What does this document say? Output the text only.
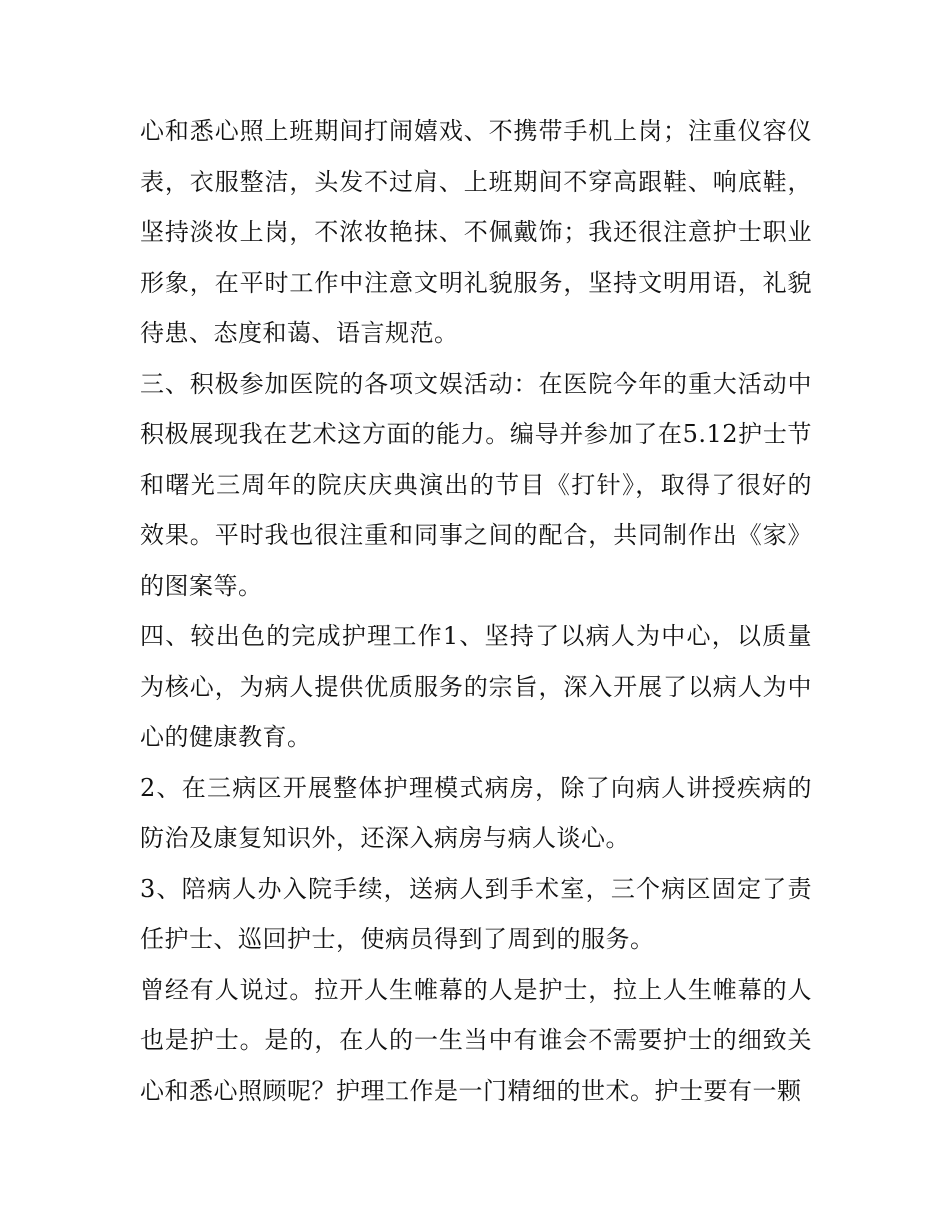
心和悉心照上班期间打闹嬉戏、不携带手机上岗；注重仪容仪表，衣服整洁，头发不过肩、上班期间不穿高跟鞋、响底鞋，坚持淡妆上岗，不浓妆艳抹、不佩戴饰；我还很注意护士职业形象，在平时工作中注意文明礼貌服务，坚持文明用语，礼貌待患、态度和蔼、语言规范。

三、积极参加医院的各项文娱活动：在医院今年的重大活动中积极展现我在艺术这方面的能力。编导并参加了在5.12护士节和曙光三周年的院庆庆典演出的节目《打针》，取得了很好的效果。平时我也很注重和同事之间的配合，共同制作出《家》的图案等。

四、较出色的完成护理工作1、坚持了以病人为中心，以质量为核心，为病人提供优质服务的宗旨，深入开展了以病人为中心的健康教育。

2、在三病区开展整体护理模式病房，除了向病人讲授疾病的防治及康复知识外，还深入病房与病人谈心。

3、陪病人办入院手续，送病人到手术室，三个病区固定了责任护士、巡回护士，使病员得到了周到的服务。

曾经有人说过。拉开人生帷幕的人是护士，拉上人生帷幕的人也是护士。是的，在人的一生当中有谁会不需要护士的细致关心和悉心照顾呢？护理工作是一门精细的世术。护士要有一颗
